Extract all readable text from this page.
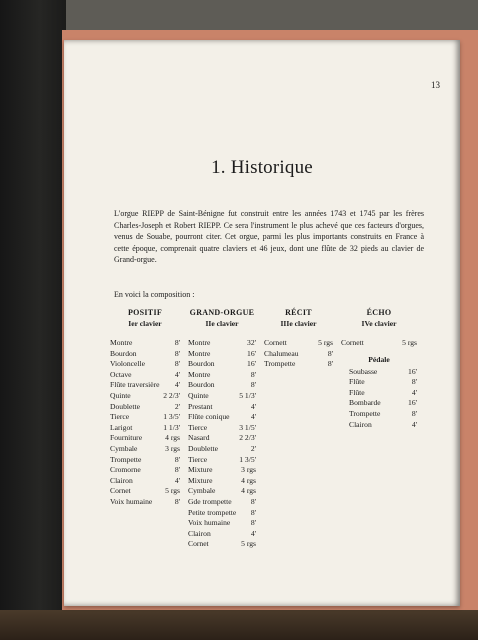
13
1. Historique
L'orgue RIEPP de Saint-Bénigne fut construit entre les années 1743 et 1745 par les frères Charles-Joseph et Robert RIEPP. Ce sera l'instrument le plus achevé que ces facteurs d'orgues, venus de Souabe, pourront citer. Cet orgue, parmi les plus importants construits en France à cette époque, comprenait quatre claviers et 46 jeux, dont une flûte de 32 pieds au clavier de Grand-orgue.
En voici la composition :
POSITIF
Ier clavier
Montre	8'
Bourdon	8'
Violoncelle	8'
Octave	4'
Flûte traversière 4'
Quinte	2 2/3'
Doublette	2'
Tierce	1 3/5'
Larigot	1 1/3'
Fourniture	4 rgs
Cymbale	3 rgs
Trompette	8'
Cromorne	8'
Clairon	4'
Cornet	5 rgs
Voix humaine	8'
GRAND-ORGUE
IIe clavier
Montre	32'
Montre	16'
Bourdon	16'
Montre	8'
Bourdon	8'
Quinte	5 1/3'
Prestant	4'
Flûte conique	4'
Tierce	3 1/5'
Nasard	2 2/3'
Doublette	2'
Tierce	1 3/5'
Mixture	3 rgs
Mixture	4 rgs
Cymbale	4 rgs
Gde trompette	8'
Petite trompette 8'
Voix humaine	8'
Clairon	4'
Cornet	5 rgs
RÉCIT
IIIe clavier
Cornett	5 rgs
Chalumeau	8'
Trompette	8'
ÉCHO
IVe clavier
Cornett	5 rgs
Pédale
Soubasse	16'
Flûte	8'
Flûte	4'
Bombarde	16'
Trompette	8'
Clairon	4'
